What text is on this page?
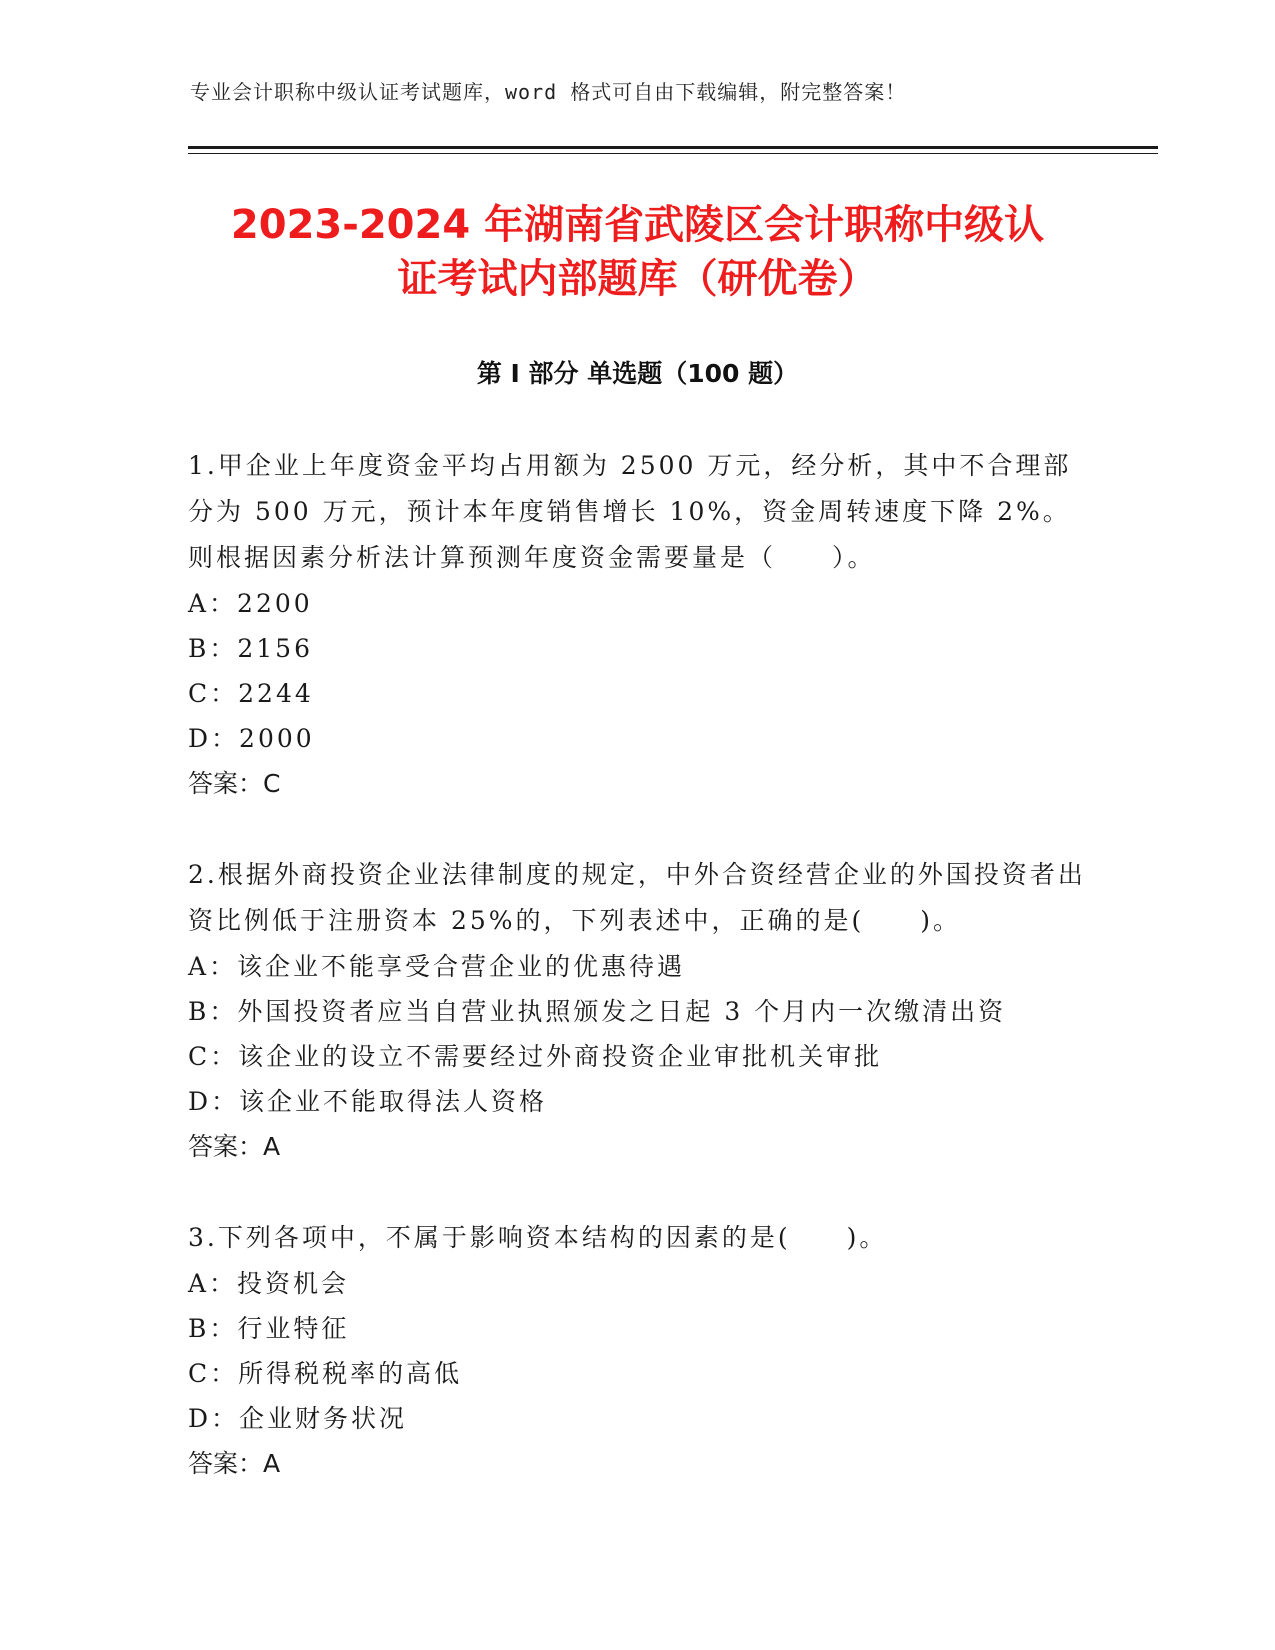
专业会计职称中级认证考试题库，word 格式可自由下载编辑，附完整答案！
2023-2024 年湖南省武陵区会计职称中级认
证考试内部题库（研优卷）
第 I 部分 单选题（100 题）

1.甲企业上年度资金平均占用额为 2500 万元，经分析，其中不合理部分为 500 万元，预计本年度销售增长 10%，资金周转速度下降 2%。则根据因素分析法计算预测年度资金需要量是（　　）。

A：2200

B：2156

C：2244

D：2000

答案：C

2.根据外商投资企业法律制度的规定，中外合资经营企业的外国投资者出资比例低于注册资本 25%的，下列表述中，正确的是(　　)。

A：该企业不能享受合营企业的优惠待遇

B：外国投资者应当自营业执照颁发之日起 3 个月内一次缴清出资

C：该企业的设立不需要经过外商投资企业审批机关审批

D：该企业不能取得法人资格

答案：A

3.下列各项中，不属于影响资本结构的因素的是(　　)。

A：投资机会

B：行业特征

C：所得税税率的高低

D：企业财务状况

答案：A
